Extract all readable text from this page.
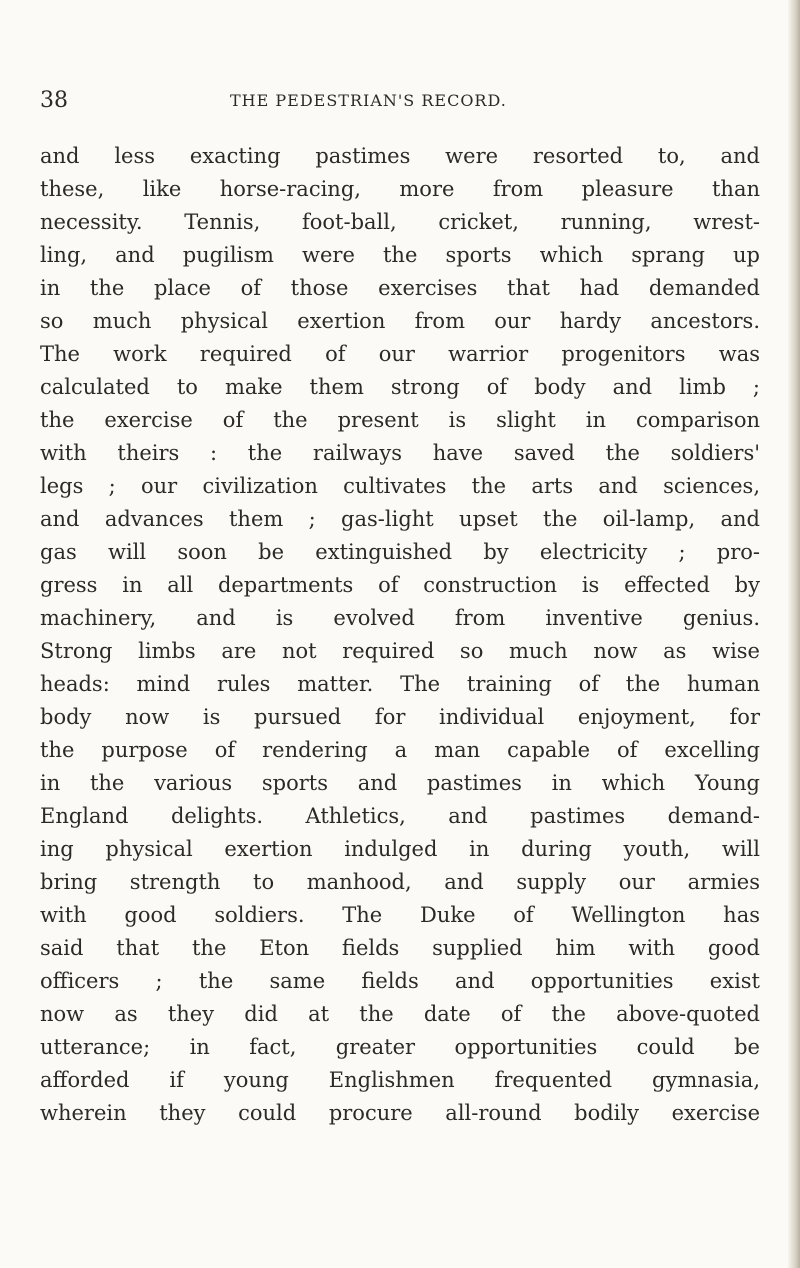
38	THE PEDESTRIAN'S RECORD.
and less exacting pastimes were resorted to, and
these, like horse-racing, more from pleasure than
necessity. Tennis, foot-ball, cricket, running, wrest-
ling, and pugilism were the sports which sprang up
in the place of those exercises that had demanded
so much physical exertion from our hardy ancestors.
The work required of our warrior progenitors was
calculated to make them strong of body and limb ;
the exercise of the present is slight in comparison
with theirs : the railways have saved the soldiers'
legs ; our civilization cultivates the arts and sciences,
and advances them ; gas-light upset the oil-lamp, and
gas will soon be extinguished by electricity ; pro-
gress in all departments of construction is effected by
machinery, and is evolved from inventive genius.
Strong limbs are not required so much now as wise
heads: mind rules matter. The training of the human
body now is pursued for individual enjoyment, for
the purpose of rendering a man capable of excelling
in the various sports and pastimes in which Young
England delights. Athletics, and pastimes demand-
ing physical exertion indulged in during youth, will
bring strength to manhood, and supply our armies
with good soldiers. The Duke of Wellington has
said that the Eton fields supplied him with good
officers ; the same fields and opportunities exist
now as they did at the date of the above-quoted
utterance; in fact, greater opportunities could be
afforded if young Englishmen frequented gymnasia,
wherein they could procure all-round bodily exercise
